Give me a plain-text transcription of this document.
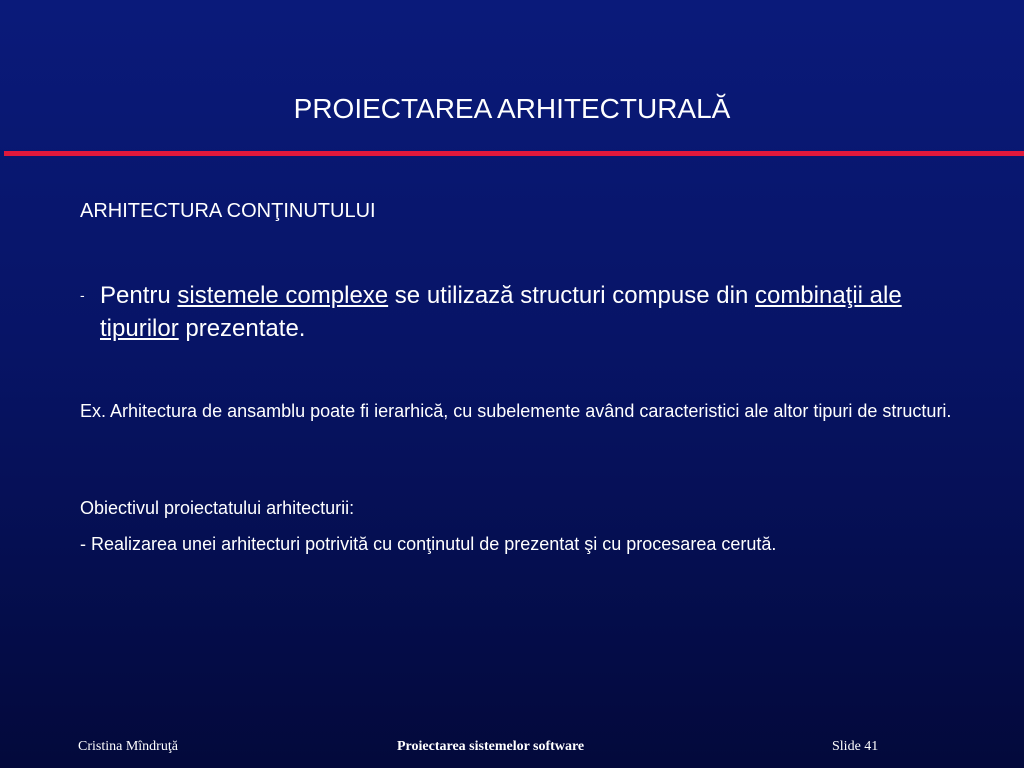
PROIECTAREA ARHITECTURALĂ
ARHITECTURA CONŢINUTULUI
- Pentru sistemele complexe se utilizază structuri compuse din combinaţii ale tipurilor prezentate.
Ex. Arhitectura de ansamblu poate fi ierarhică, cu subelemente având caracteristici ale altor tipuri de structuri.
Obiectivul proiectatului arhitecturii:
- Realizarea unei arhitecturi potrivită cu conţinutul de prezentat şi cu procesarea cerută.
Cristina Mîndruţă	Proiectarea sistemelor software	Slide 41
